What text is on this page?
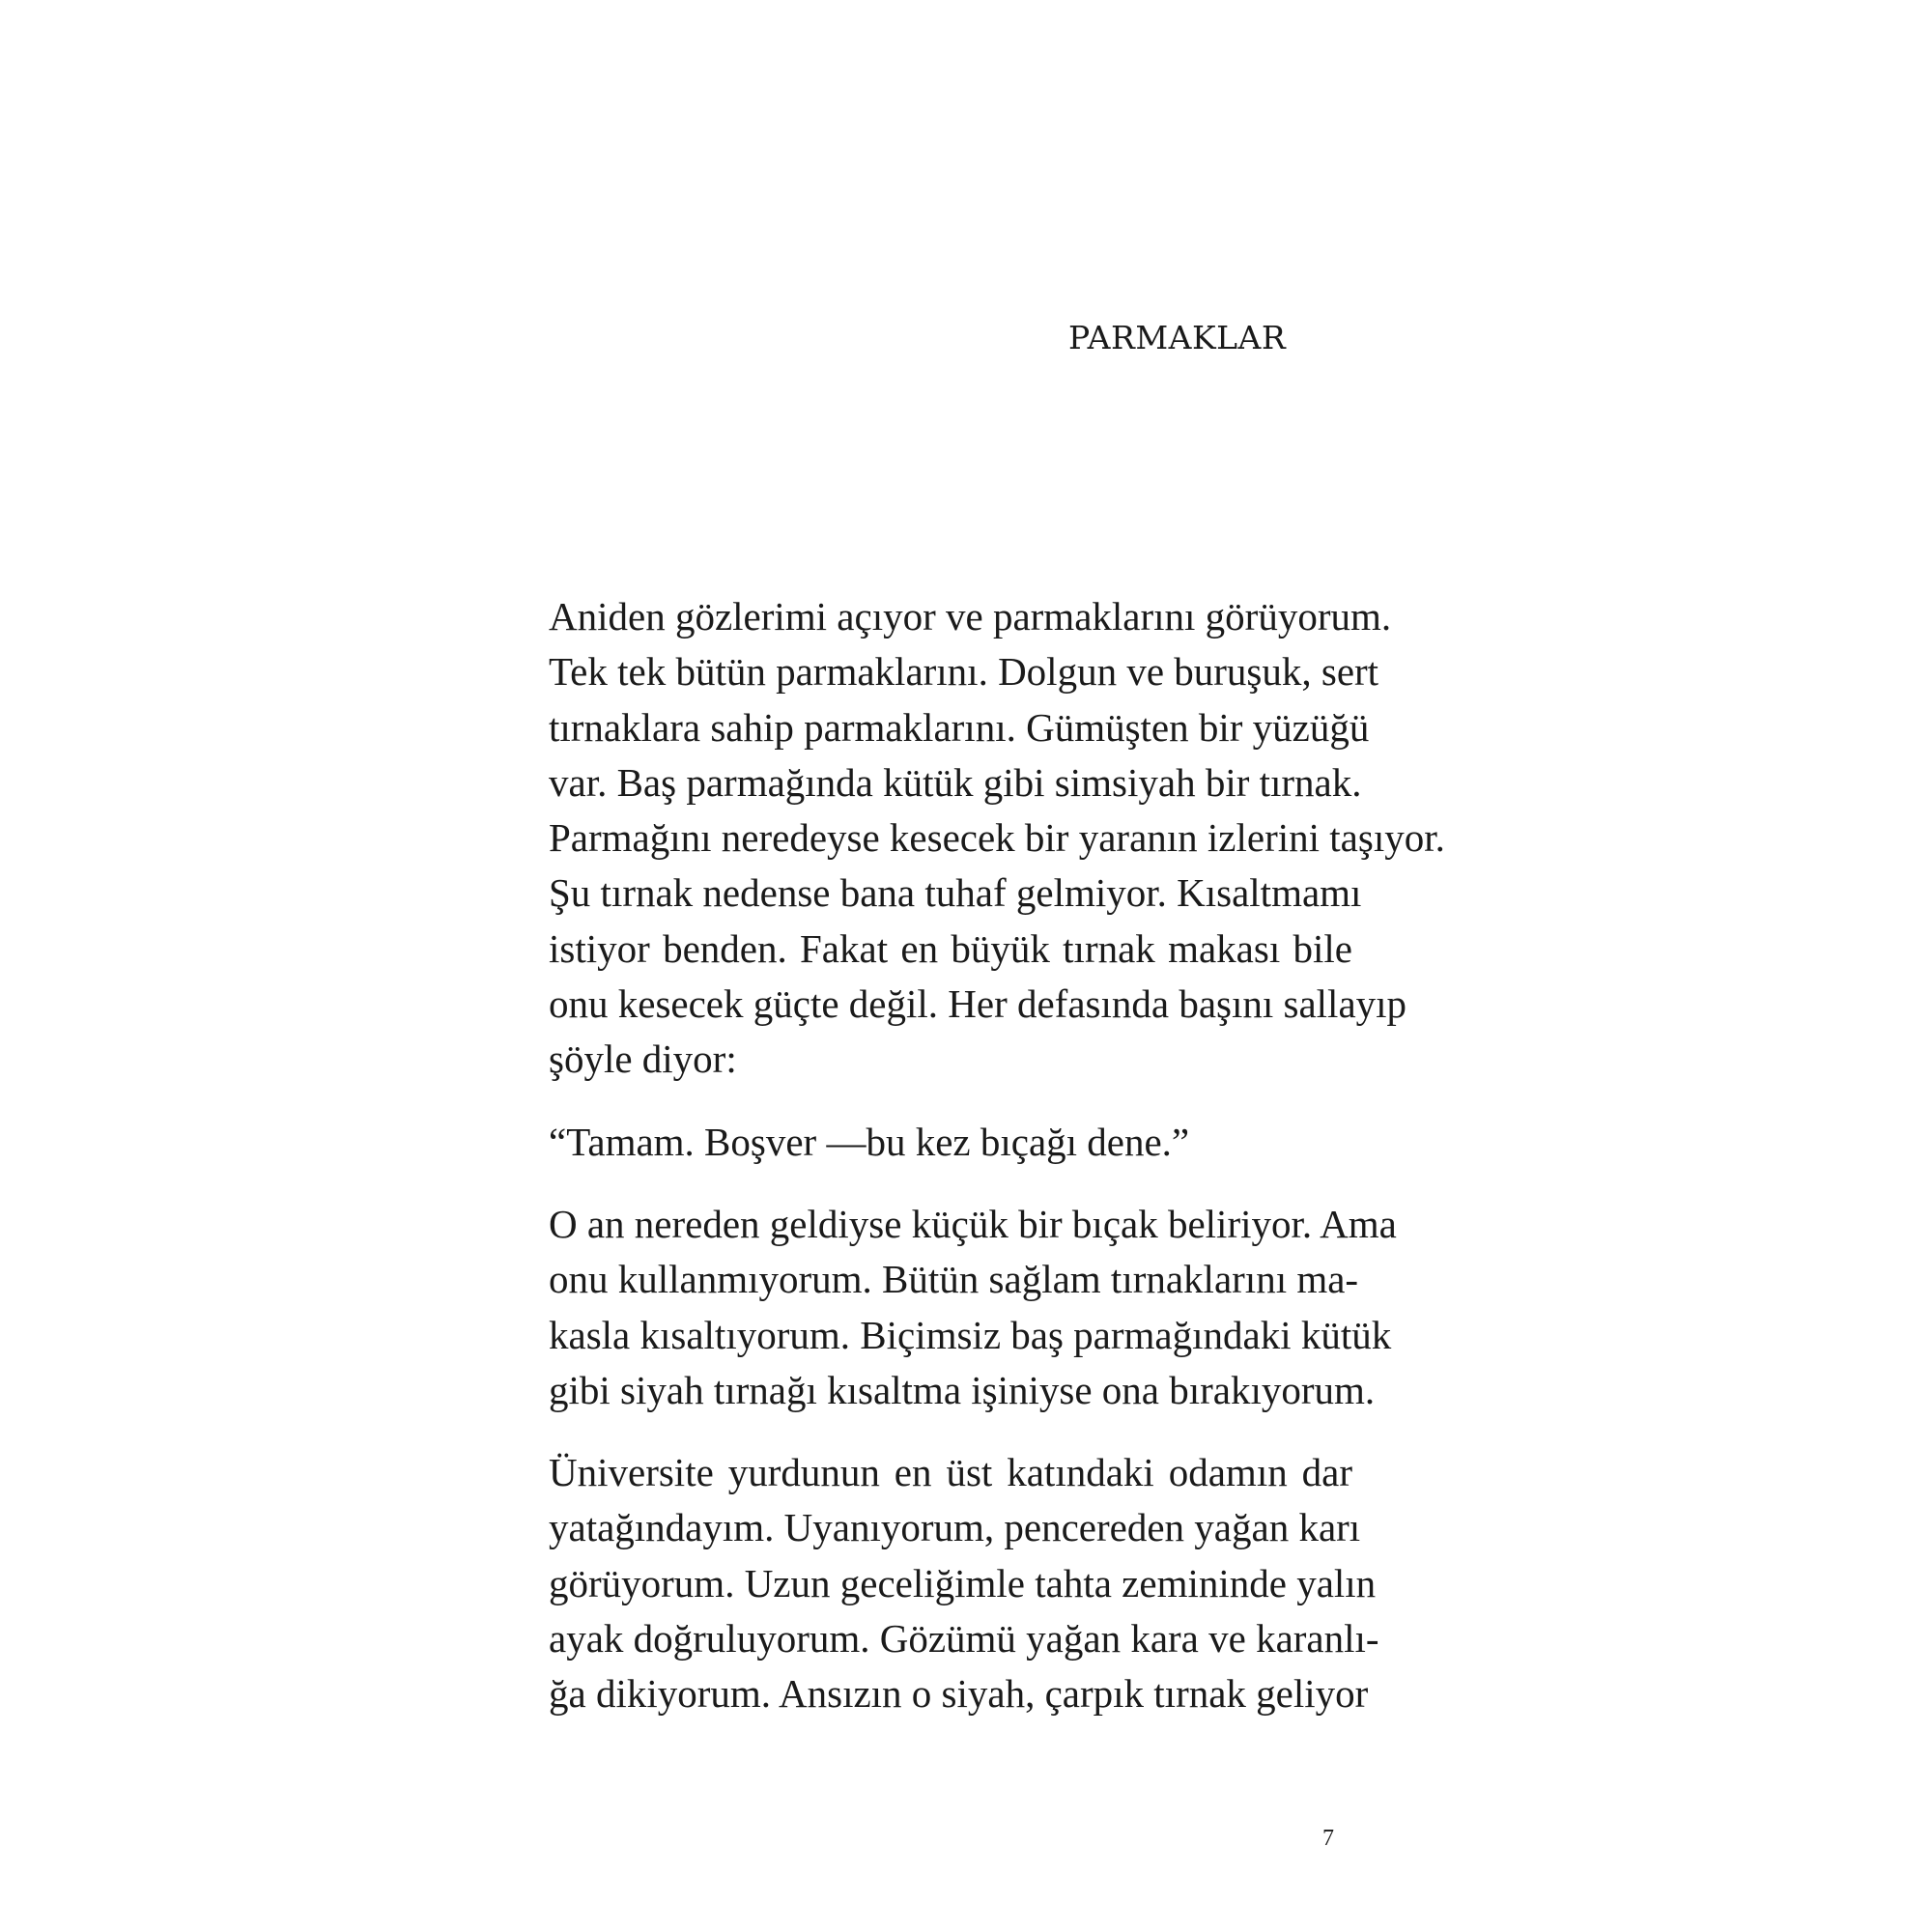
PARMAKLAR

Aniden gözlerimi açıyor ve parmaklarını görüyorum.
Tek tek bütün parmaklarını. Dolgun ve buruşuk, sert
tırnaklara sahip parmaklarını. Gümüşten bir yüzüğü
var. Baş parmağında kütük gibi simsiyah bir tırnak.
Parmağını neredeyse kesecek bir yaranın izlerini taşıyor.
Şu tırnak nedense bana tuhaf gelmiyor. Kısaltmamı
istiyor benden. Fakat en büyük tırnak makası bile
onu kesecek güçte değil. Her defasında başını sallayıp
şöyle diyor:

“Tamam. Boşver —bu kez bıçağı dene.”

O an nereden geldiyse küçük bir bıçak beliriyor. Ama
onu kullanmıyorum. Bütün sağlam tırnaklarını ma-
kasla kısaltıyorum. Biçimsiz baş parmağındaki kütük
gibi siyah tırnağı kısaltma işiniyse ona bırakıyorum.

Üniversite yurdunun en üst katındaki odamın dar
yatağındayım. Uyanıyorum, pencereden yağan karı
görüyorum. Uzun geceliğimle tahta zemininde yalın
ayak doğruluyorum. Gözümü yağan kara ve karanlı-
ğa dikiyorum. Ansızın o siyah, çarpık tırnak geliyor

7
